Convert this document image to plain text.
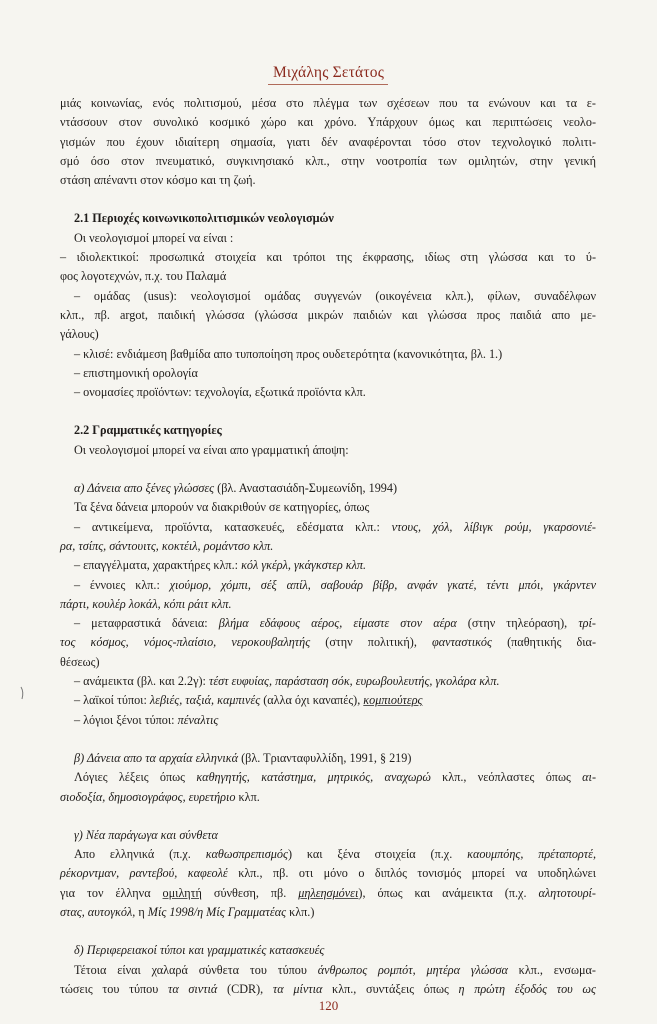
Μιχάλης Σετάτος

μιάς κοινωνίας, ενός πολιτισμού, μέσα στο πλέγμα των σχέσεων που τα ενώνουν και τα ε-

ντάσσουν στον συνολικό κοσμικό χώρο και χρόνο. Υπάρχουν όμως και περιπτώσεις νεολο-

γισμών που έχουν ιδιαίτερη σημασία, γιατι δέν αναφέρονται τόσο στον τεχνολογικό πολιτι-

σμό όσο στον πνευματικό, συγκινησιακό κλπ., στην νοοτροπία των ομιλητών, στην γενική

στάση απέναντι στον κόσμο και τη ζωή.

2.1 Περιοχές κοινωνικοπολιτισμικών νεολογισμών

Οι νεολογισμοί μπορεί να είναι :

– ιδιολεκτικοί: προσωπικά στοιχεία και τρόποι της έκφρασης, ιδίως στη γλώσσα και το ύ-

φος λογοτεχνών, π.χ. του Παλαμά

– ομάδας (usus): νεολογισμοί ομάδας συγγενών (οικογένεια κλπ.), φίλων, συναδέλφων

κλπ., πβ. argot, παιδική γλώσσα (γλώσσα μικρών παιδιών και γλώσσα προς παιδιά απο με-

γάλους)

– κλισέ: ενδιάμεση βαθμίδα απο τυποποίηση προς ουδετερότητα (κανονικότητα, βλ. 1.)

– επιστημονική ορολογία

– ονομασίες προϊόντων: τεχνολογία, εξωτικά προϊόντα κλπ.

2.2 Γραμματικές κατηγορίες

Οι νεολογισμοί μπορεί να είναι απο γραμματική άποψη:

α) Δάνεια απο ξένες γλώσσες (βλ. Αναστασιάδη-Συμεωνίδη, 1994)

Τα ξένα δάνεια μπορούν να διακριθούν σε κατηγορίες, όπως

– αντικείμενα, προϊόντα, κατασκευές, εδέσματα κλπ.: ντους, χόλ, λίβιγκ ρούμ, γκαρσονιέ-

ρα, τσίπς, σάντουιτς, κοκτέιλ, ρομάντσο κλπ.

– επαγγέλματα, χαρακτήρες κλπ.: κόλ γκέρλ, γκάγκστερ κλπ.

– έννοιες κλπ.: χιούμορ, χόμπι, σέξ απίλ, σαβουάρ βίβρ, ανφάν γκατέ, τέντι μπόι, γκάρντεν

πάρτι, κουλέρ λοκάλ, κόπι ράιτ κλπ.

– μεταφραστικά δάνεια: βλήμα εδάφους αέρος, είμαστε στον αέρα (στην τηλεόραση), τρί-

τος κόσμος, νόμος-πλαίσιο, νεροκουβαλητής (στην πολιτική), φανταστικός (παθητικής δια-

θέσεως)

– ανάμεικτα (βλ. και 2.2γ): τέστ ευφυίας, παράσταση σόκ, ευρωβουλευτής, γκολάρα κλπ.

– λαϊκοί τύποι: λεβιές, ταξιά, καμπινές (αλλα όχι καναπές), κομπιούτερς

– λόγιοι ξένοι τύποι: πέναλτις

β) Δάνεια απο τα αρχαία ελληνικά (βλ. Τριανταφυλλίδη, 1991, § 219)

Λόγιες λέξεις όπως καθηγητής, κατάστημα, μητρικός, αναχωρώ κλπ., νεόπλαστες όπως αι-

σιοδοξία, δημοσιογράφος, ευρετήριο κλπ.

γ) Νέα παράγωγα και σύνθετα

Απο ελληνικά (π.χ. καθωσπρεπισμός) και ξένα στοιχεία (π.χ. καουμπόης, πρέταπορτέ,

ρέκορντμαν, ραντεβού, καφεολέ κλπ., πβ. οτι μόνο ο διπλός τονισμός μπορεί να υποδηλώνει

για τον έλληνα ομιλητή σύνθεση, πβ. μηλεησμόνει), όπως και ανάμεικτα (π.χ. αλητοτουρί-

στας, αυτογκόλ, η Μίς 1998/η Μίς Γραμματέας κλπ.)

δ) Περιφερειακοί τύποι και γραμματικές κατασκευές

Τέτοια είναι χαλαρά σύνθετα του τύπου άνθρωπος ρομπότ, μητέρα γλώσσα κλπ., ενσωμα-

τώσεις του τύπου τα σιντιά (CDR), τα μίντια κλπ., συντάξεις όπως η πρώτη έξοδός του ως

120
